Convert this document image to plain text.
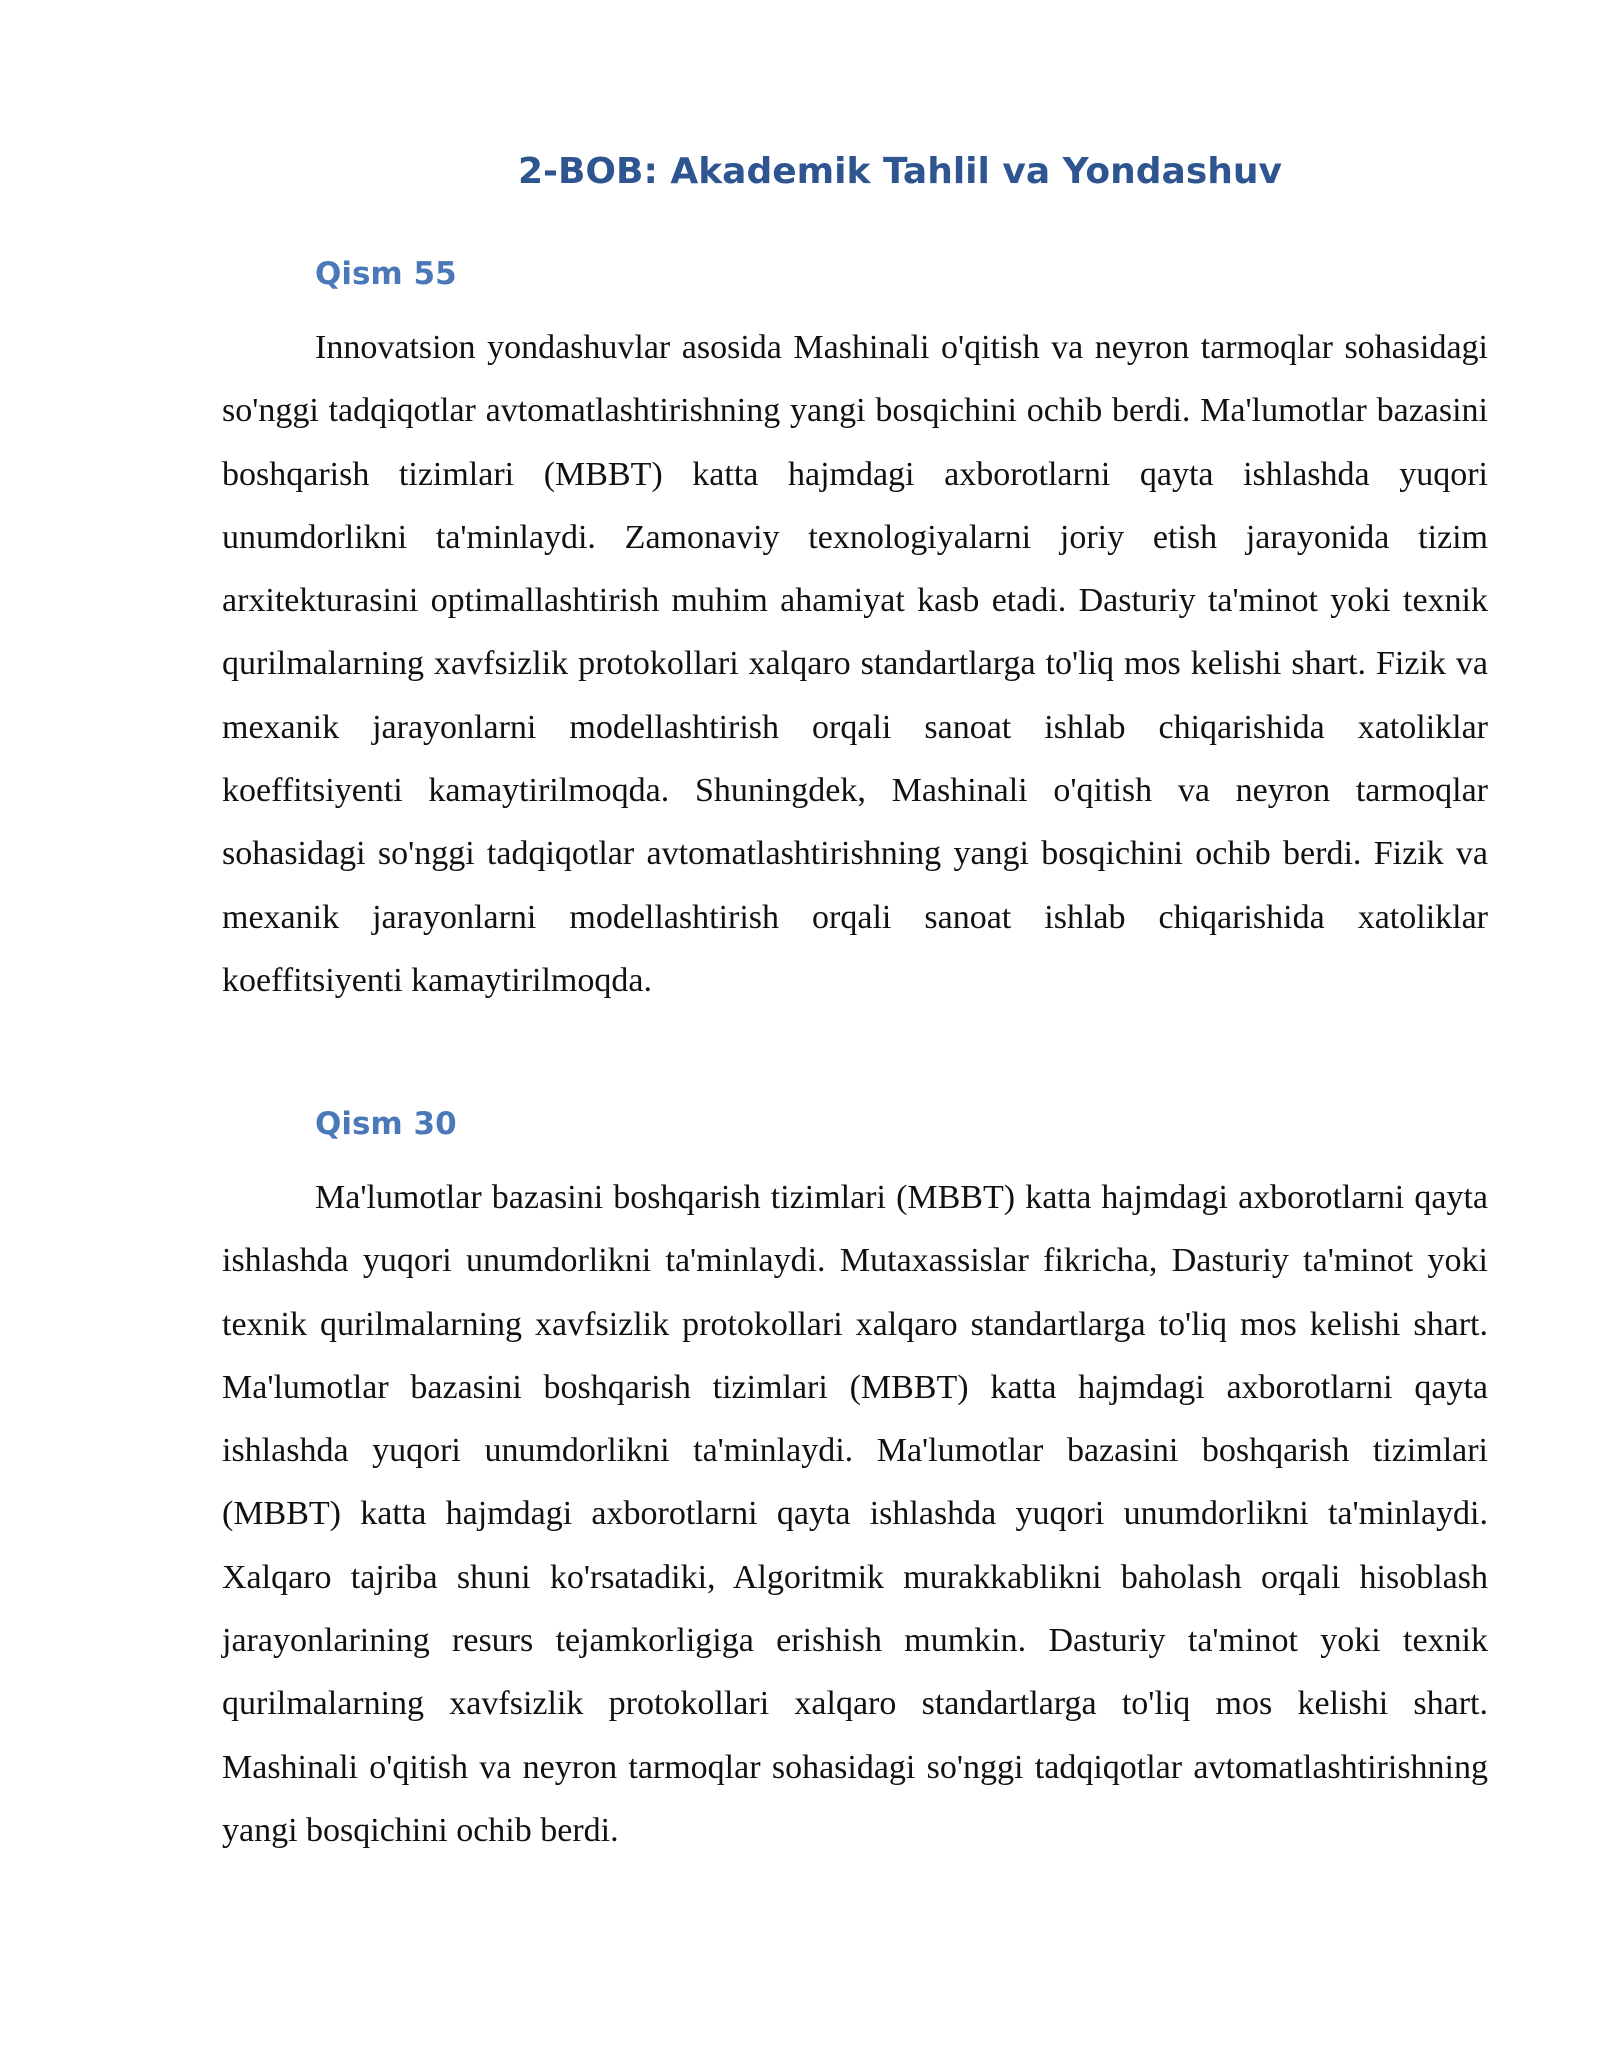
2-BOB: Akademik Tahlil va Yondashuv
Qism 55

Innovatsion yondashuvlar asosida Mashinali o'qitish va neyron tarmoqlar sohasidagi so'nggi tadqiqotlar avtomatlashtirishning yangi bosqichini ochib berdi. Ma'lumotlar bazasini boshqarish tizimlari (MBBT) katta hajmdagi axborotlarni qayta ishlashda yuqori unumdorlikni ta'minlaydi. Zamonaviy texnologiyalarni joriy etish jarayonida tizim arxitekturasini optimallashtirish muhim ahamiyat kasb etadi. Dasturiy ta'minot yoki texnik qurilmalarning xavfsizlik protokollari xalqaro standartlarga to'liq mos kelishi shart. Fizik va mexanik jarayonlarni modellashtirish orqali sanoat ishlab chiqarishida xatoliklar koeffitsiyenti kamaytirilmoqda. Shuningdek, Mashinali o'qitish va neyron tarmoqlar sohasidagi so'nggi tadqiqotlar avtomatlashtirishning yangi bosqichini ochib berdi. Fizik va mexanik jarayonlarni modellashtirish orqali sanoat ishlab chiqarishida xatoliklar koeffitsiyenti kamaytirilmoqda.

Qism 30

Ma'lumotlar bazasini boshqarish tizimlari (MBBT) katta hajmdagi axborotlarni qayta ishlashda yuqori unumdorlikni ta'minlaydi. Mutaxassislar fikricha, Dasturiy ta'minot yoki texnik qurilmalarning xavfsizlik protokollari xalqaro standartlarga to'liq mos kelishi shart. Ma'lumotlar bazasini boshqarish tizimlari (MBBT) katta hajmdagi axborotlarni qayta ishlashda yuqori unumdorlikni ta'minlaydi. Ma'lumotlar bazasini boshqarish tizimlari (MBBT) katta hajmdagi axborotlarni qayta ishlashda yuqori unumdorlikni ta'minlaydi. Xalqaro tajriba shuni ko'rsatadiki, Algoritmik murakkablikni baholash orqali hisoblash jarayonlarining resurs tejamkorligiga erishish mumkin. Dasturiy ta'minot yoki texnik qurilmalarning xavfsizlik protokollari xalqaro standartlarga to'liq mos kelishi shart. Mashinali o'qitish va neyron tarmoqlar sohasidagi so'nggi tadqiqotlar avtomatlashtirishning yangi bosqichini ochib berdi.
